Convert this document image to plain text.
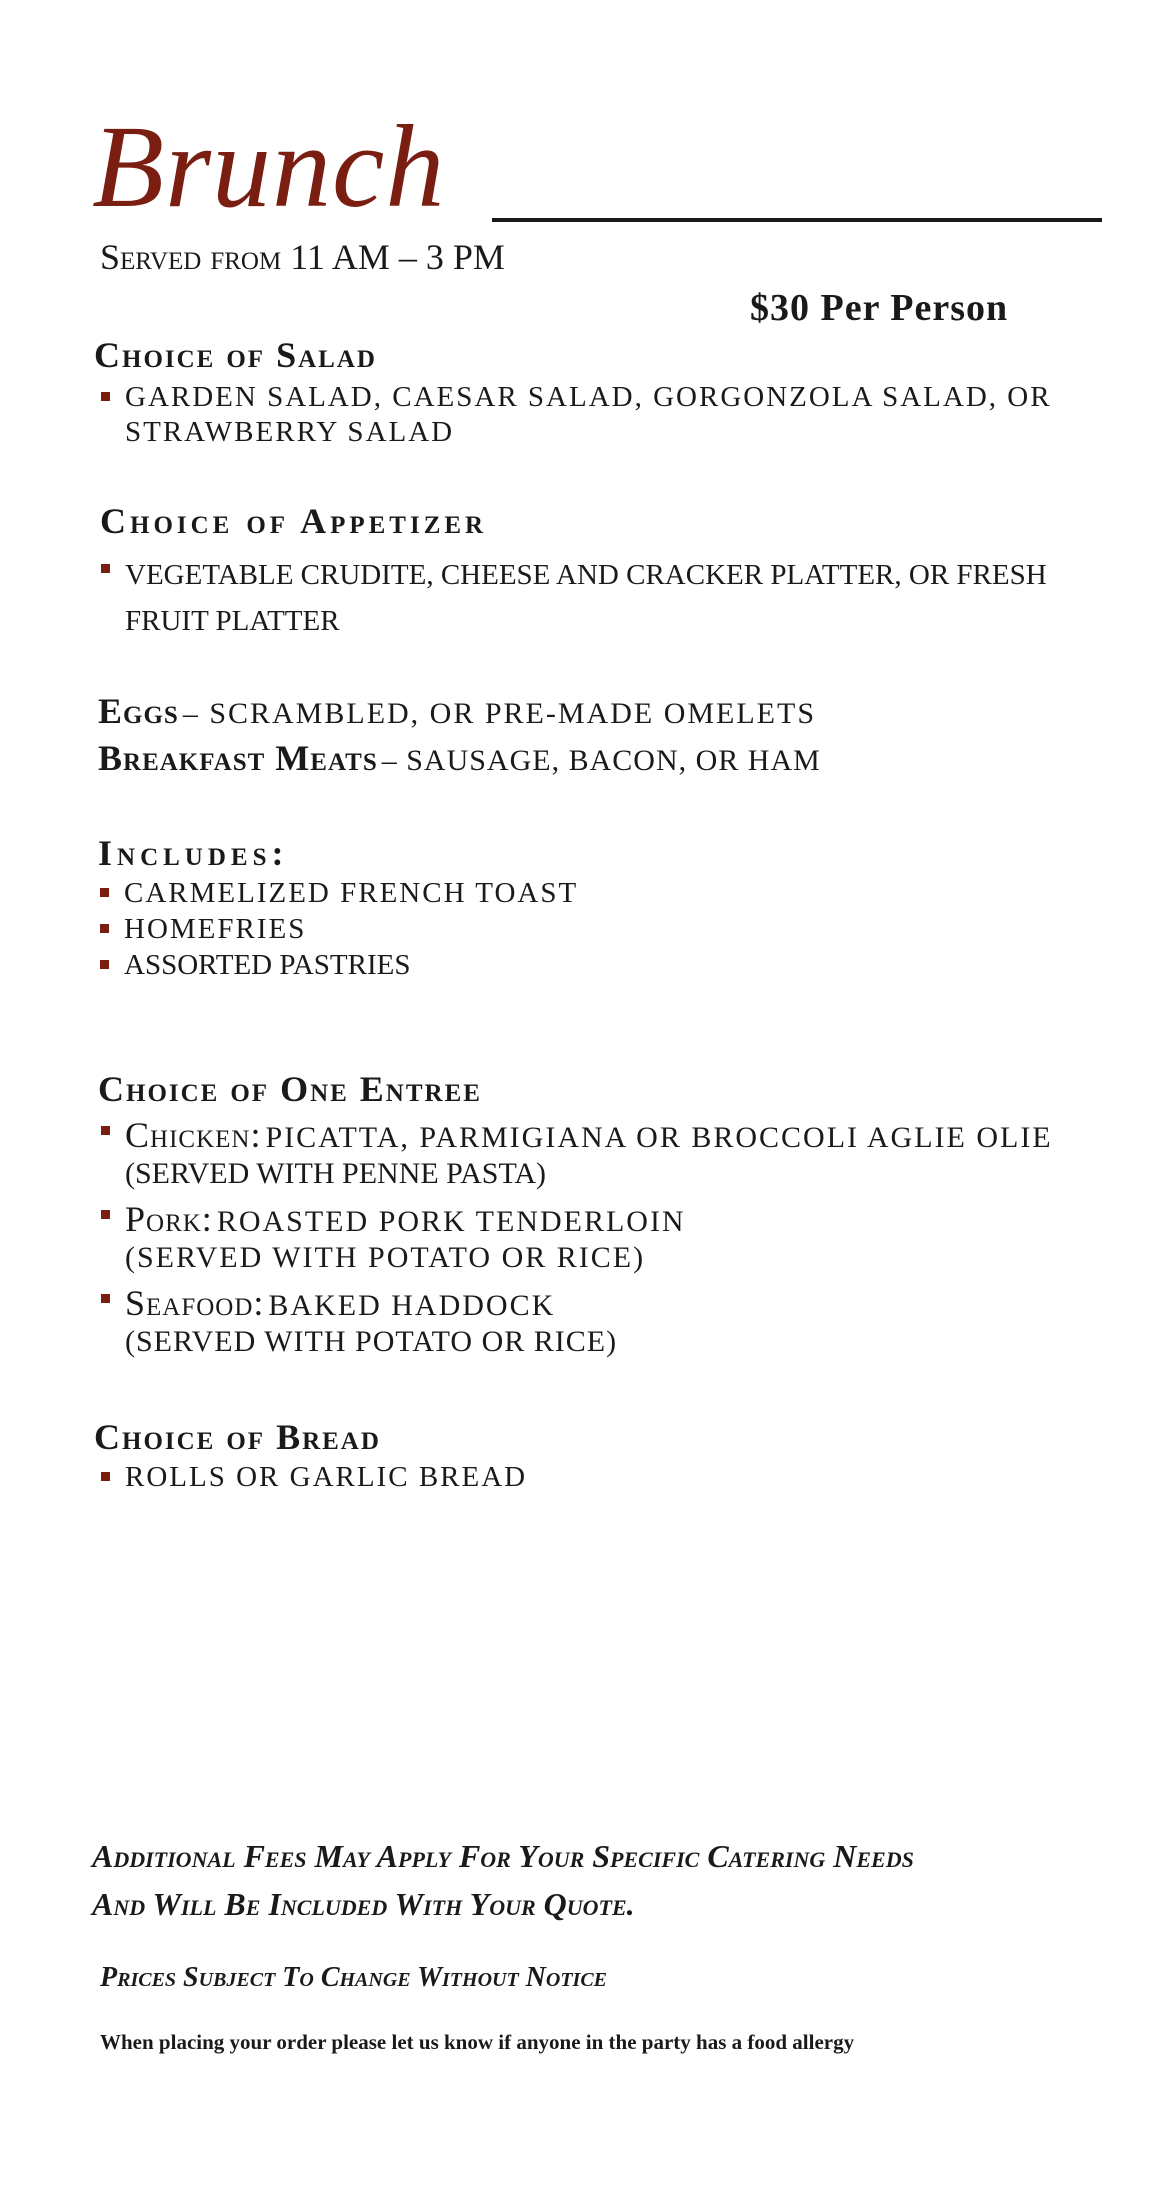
Brunch
Served from 11 AM – 3 PM
$30 Per Person
Choice of Salad
GARDEN SALAD, CAESAR SALAD, GORGONZOLA SALAD, OR
STRAWBERRY SALAD
Choice of Appetizer
VEGETABLE CRUDITE, CHEESE AND CRACKER PLATTER, OR FRESH
FRUIT PLATTER
Eggs – SCRAMBLED, OR PRE-MADE OMELETS
Breakfast Meats – SAUSAGE, BACON, OR HAM
Includes:
CARMELIZED FRENCH TOAST
HOMEFRIES
ASSORTED PASTRIES
Choice of One Entree
Chicken: PICATTA, PARMIGIANA OR BROCCOLI AGLIE OLIE
(SERVED WITH PENNE PASTA)
Pork: ROASTED PORK TENDERLOIN
(SERVED WITH POTATO OR RICE)
Seafood: BAKED HADDOCK
(SERVED WITH POTATO OR RICE)
Choice of Bread
ROLLS OR GARLIC BREAD
Additional Fees May Apply For Your Specific Catering Needs
And Will Be Included With Your Quote.
Prices Subject To Change Without Notice
When placing your order please let us know if anyone in the party has a food allergy
